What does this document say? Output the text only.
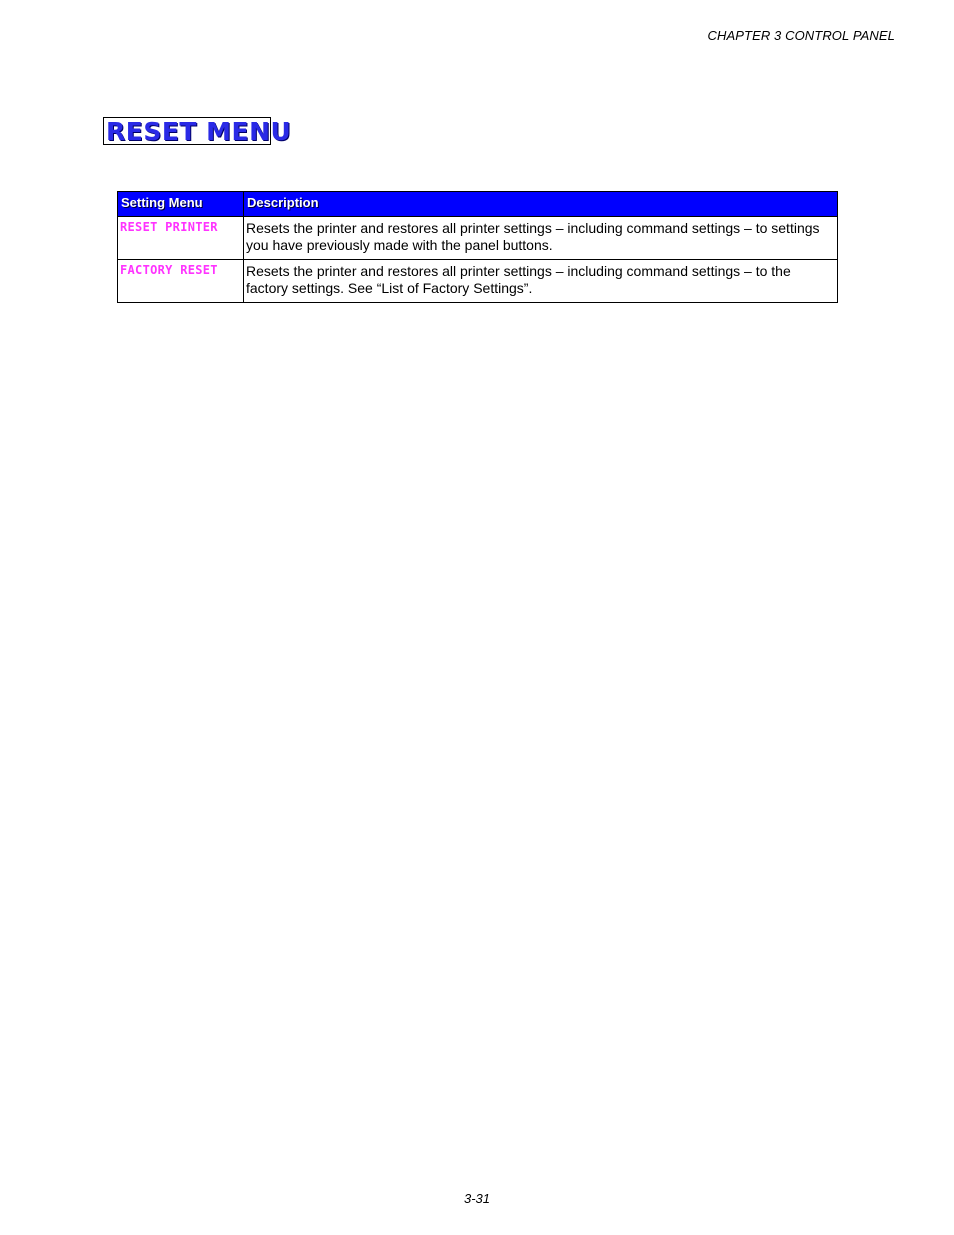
CHAPTER 3 CONTROL PANEL
RESET MENU
Setting Menu	Description
RESET PRINTER	Resets the printer and restores all printer settings – including command settings – to settings you have previously made with the panel buttons.
FACTORY RESET	Resets the printer and restores all printer settings – including command settings – to the factory settings. See “List of Factory Settings”.
3-31
